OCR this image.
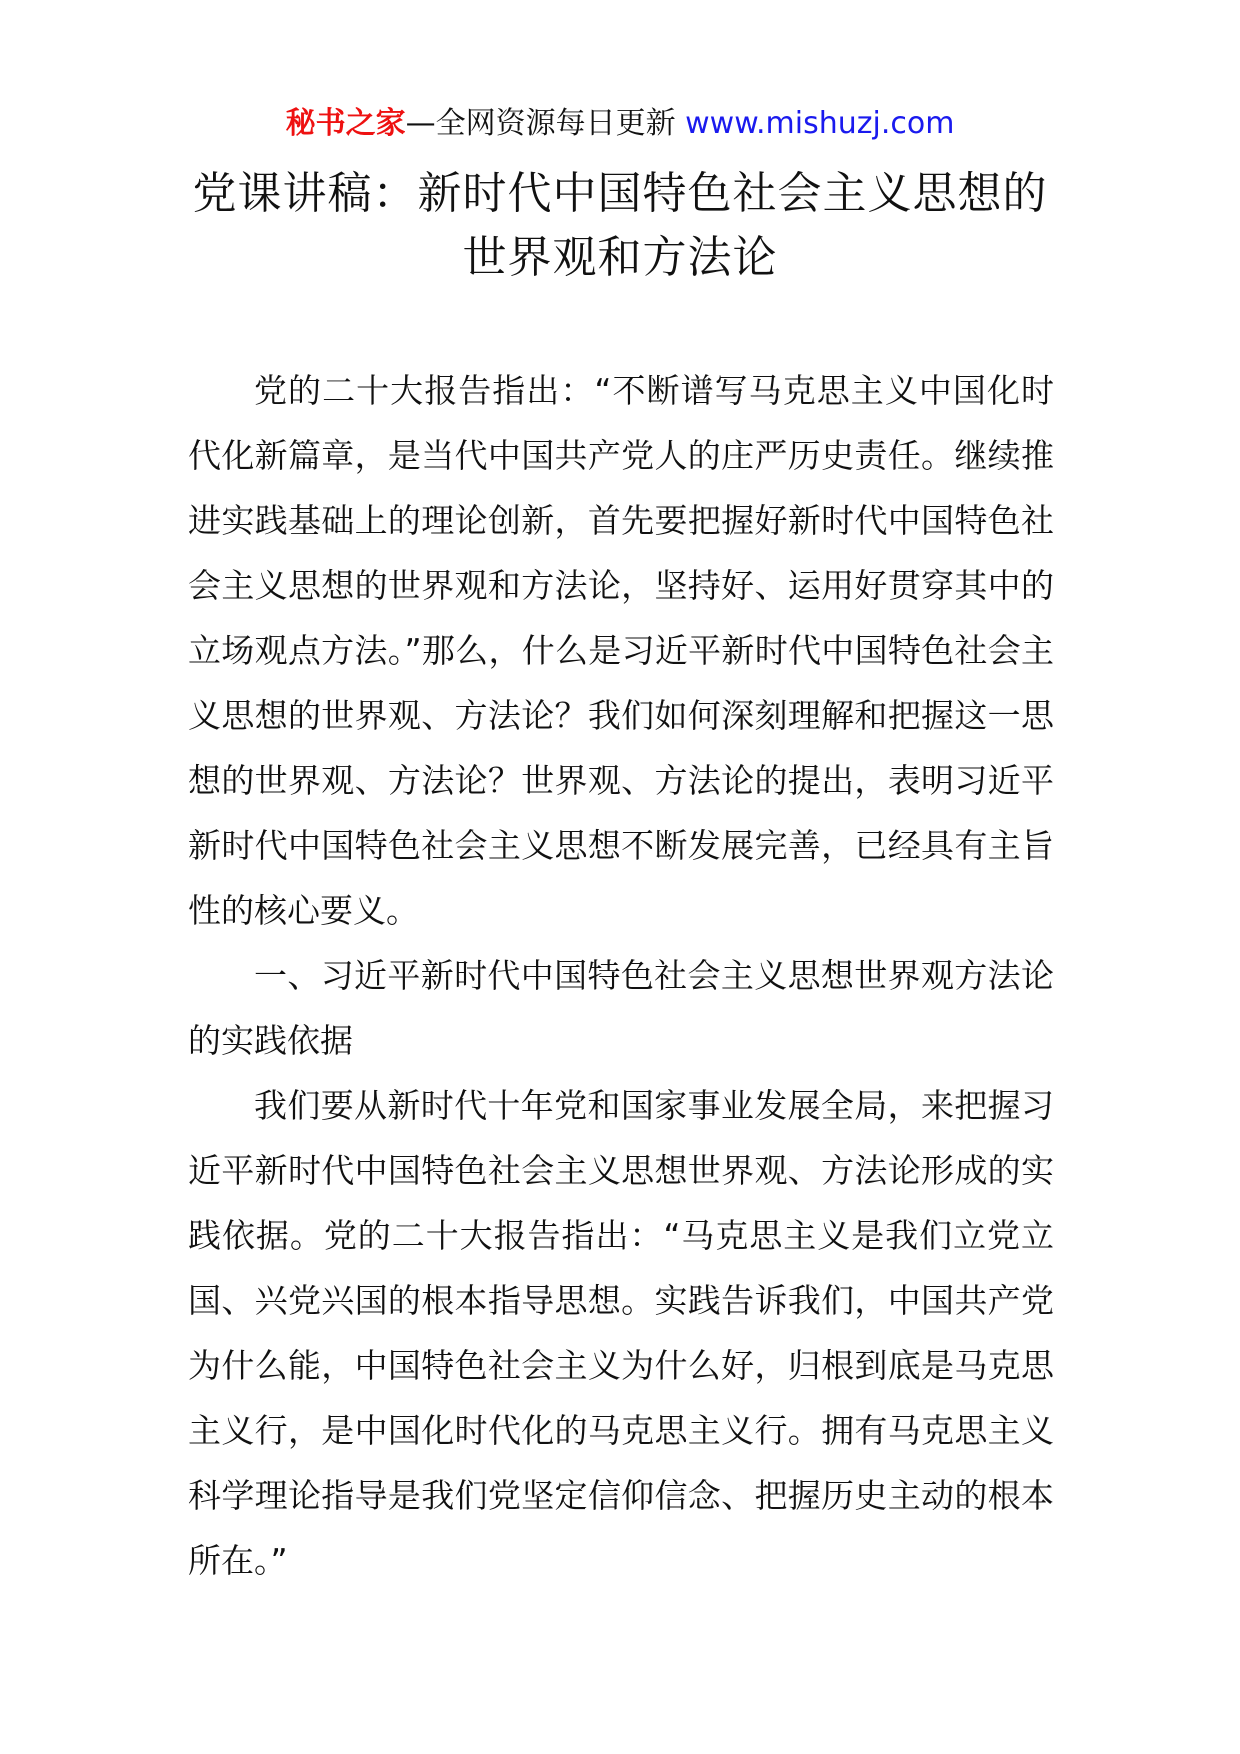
秘书之家—全网资源每日更新 www.mishuzj.com
党课讲稿：新时代中国特色社会主义思想的世界观和方法论

党的二十大报告指出：“不断谱写马克思主义中国化时代化新篇章，是当代中国共产党人的庄严历史责任。继续推进实践基础上的理论创新，首先要把握好新时代中国特色社会主义思想的世界观和方法论，坚持好、运用好贯穿其中的立场观点方法。”那么，什么是习近平新时代中国特色社会主义思想的世界观、方法论？我们如何深刻理解和把握这一思想的世界观、方法论？世界观、方法论的提出，表明习近平新时代中国特色社会主义思想不断发展完善，已经具有主旨性的核心要义。

一、习近平新时代中国特色社会主义思想世界观方法论的实践依据

我们要从新时代十年党和国家事业发展全局，来把握习近平新时代中国特色社会主义思想世界观、方法论形成的实践依据。党的二十大报告指出：“马克思主义是我们立党立国、兴党兴国的根本指导思想。实践告诉我们，中国共产党为什么能，中国特色社会主义为什么好，归根到底是马克思主义行，是中国化时代化的马克思主义行。拥有马克思主义科学理论指导是我们党坚定信仰信念、把握历史主动的根本所在。”
